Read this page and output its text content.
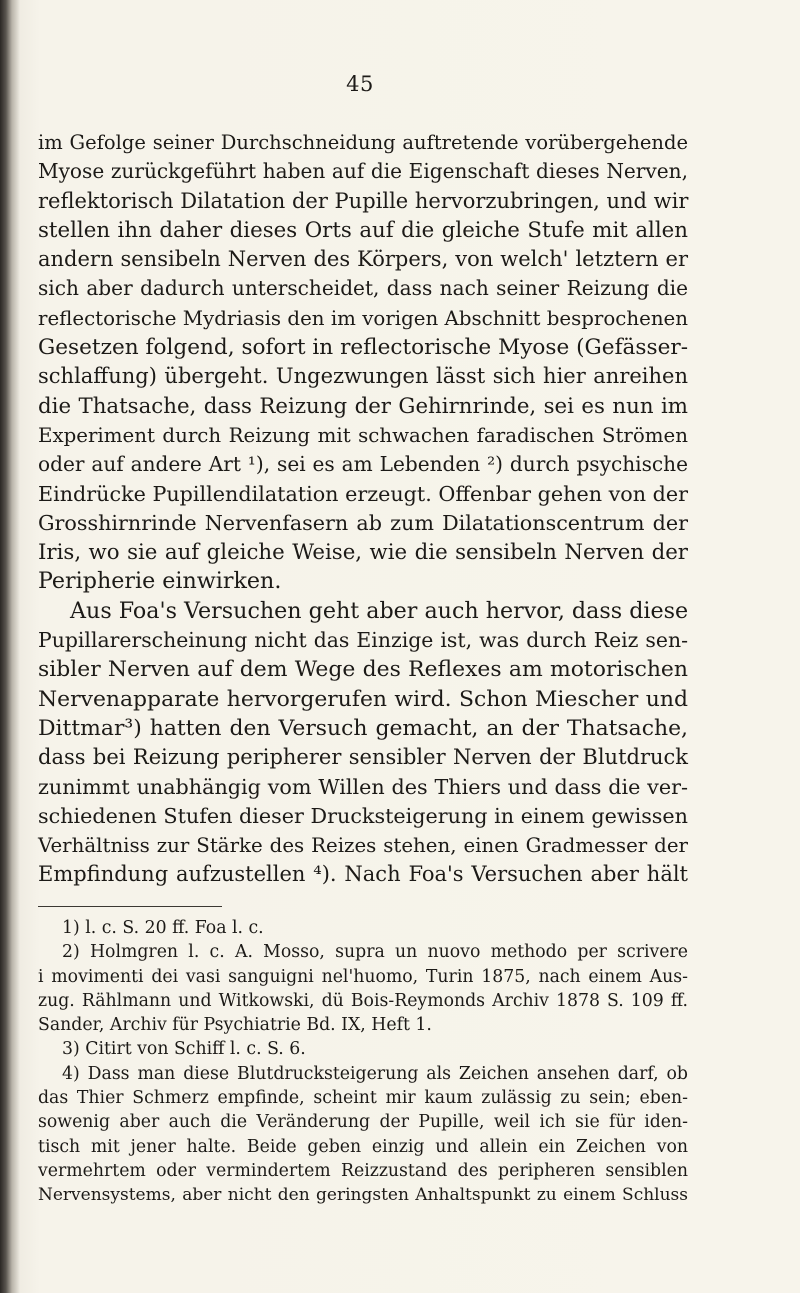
45
im Gefolge seiner Durchschneidung auftretende vorübergehende
Myose zurückgeführt haben auf die Eigenschaft dieses Nerven,
reflektorisch Dilatation der Pupille hervorzubringen, und wir
stellen ihn daher dieses Orts auf die gleiche Stufe mit allen
andern sensibeln Nerven des Körpers, von welch' letztern er
sich aber dadurch unterscheidet, dass nach seiner Reizung die
reflectorische Mydriasis den im vorigen Abschnitt besprochenen
Gesetzen folgend, sofort in reflectorische Myose (Gefässer-
schlaffung) übergeht. Ungezwungen lässt sich hier anreihen
die Thatsache, dass Reizung der Gehirnrinde, sei es nun im
Experiment durch Reizung mit schwachen faradischen Strömen
oder auf andere Art ¹), sei es am Lebenden ²) durch psychische
Eindrücke Pupillendilatation erzeugt. Offenbar gehen von der
Grosshirnrinde Nervenfasern ab zum Dilatationscentrum der
Iris, wo sie auf gleiche Weise, wie die sensibeln Nerven der
Peripherie einwirken.
Aus Foa's Versuchen geht aber auch hervor, dass diese
Pupillarerscheinung nicht das Einzige ist, was durch Reiz sen-
sibler Nerven auf dem Wege des Reflexes am motorischen
Nervenapparate hervorgerufen wird. Schon Miescher und
Dittmar³) hatten den Versuch gemacht, an der Thatsache,
dass bei Reizung peripherer sensibler Nerven der Blutdruck
zunimmt unabhängig vom Willen des Thiers und dass die ver-
schiedenen Stufen dieser Drucksteigerung in einem gewissen
Verhältniss zur Stärke des Reizes stehen, einen Gradmesser der
Empfindung aufzustellen ⁴). Nach Foa's Versuchen aber hält
1) l. c. S. 20 ff. Foa l. c.
2) Holmgren l. c. A. Mosso, supra un nuovo methodo per scrivere
i movimenti dei vasi sanguigni nel'huomo, Turin 1875, nach einem Aus-
zug. Rählmann und Witkowski, dü Bois-Reymonds Archiv 1878 S. 109 ff.
Sander, Archiv für Psychiatrie Bd. IX, Heft 1.
3) Citirt von Schiff l. c. S. 6.
4) Dass man diese Blutdrucksteigerung als Zeichen ansehen darf, ob
das Thier Schmerz empfinde, scheint mir kaum zulässig zu sein; eben-
sowenig aber auch die Veränderung der Pupille, weil ich sie für iden-
tisch mit jener halte. Beide geben einzig und allein ein Zeichen von
vermehrtem oder vermindertem Reizzustand des peripheren sensiblen
Nervensystems, aber nicht den geringsten Anhaltspunkt zu einem Schluss
